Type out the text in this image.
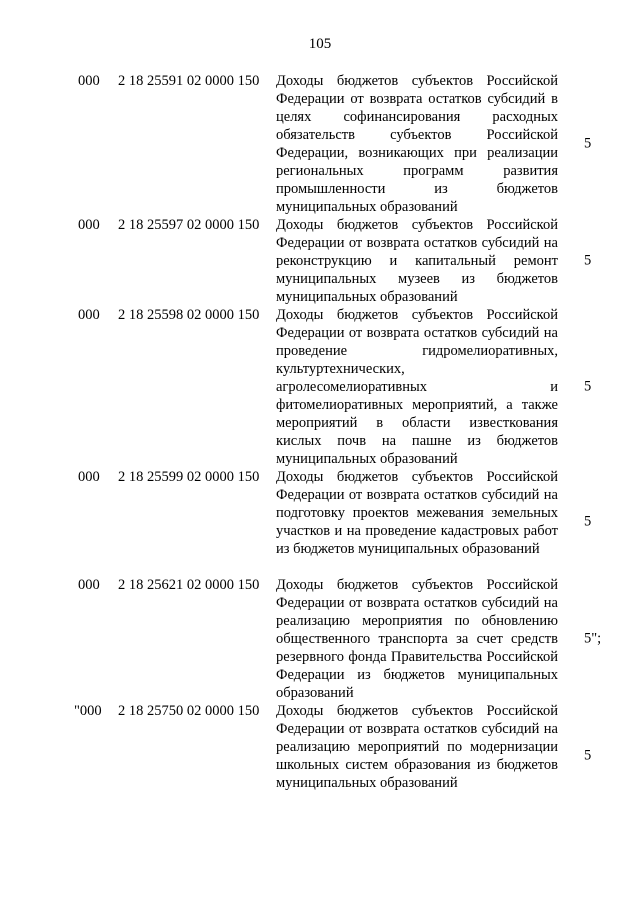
105
000 2 18 25591 02 0000 150 Доходы бюджетов субъектов Российской Федерации от возврата остатков субсидий в целях софинансирования расходных обязательств субъектов Российской Федерации, возникающих при реализации региональных программ развития промышленности из бюджетов муниципальных образований
5
000 2 18 25597 02 0000 150 Доходы бюджетов субъектов Российской Федерации от возврата остатков субсидий на реконструкцию и капитальный ремонт муниципальных музеев из бюджетов муниципальных образований
5
000 2 18 25598 02 0000 150 Доходы бюджетов субъектов Российской Федерации от возврата остатков субсидий на проведение гидромелиоративных, культуртехнических, агролесомелиоративных и фитомелиоративных мероприятий, а также мероприятий в области известкования кислых почв на пашне из бюджетов муниципальных образований
5
000 2 18 25599 02 0000 150 Доходы бюджетов субъектов Российской Федерации от возврата остатков субсидий на подготовку проектов межевания земельных участков и на проведение кадастровых работ из бюджетов муниципальных образований
5
000 2 18 25621 02 0000 150 Доходы бюджетов субъектов Российской Федерации от возврата остатков субсидий на реализацию мероприятия по обновлению общественного транспорта за счет средств резервного фонда Правительства Российской Федерации из бюджетов муниципальных образований
5";
"000 2 18 25750 02 0000 150 Доходы бюджетов субъектов Российской Федерации от возврата остатков субсидий на реализацию мероприятий по модернизации школьных систем образования из бюджетов муниципальных образований
5
